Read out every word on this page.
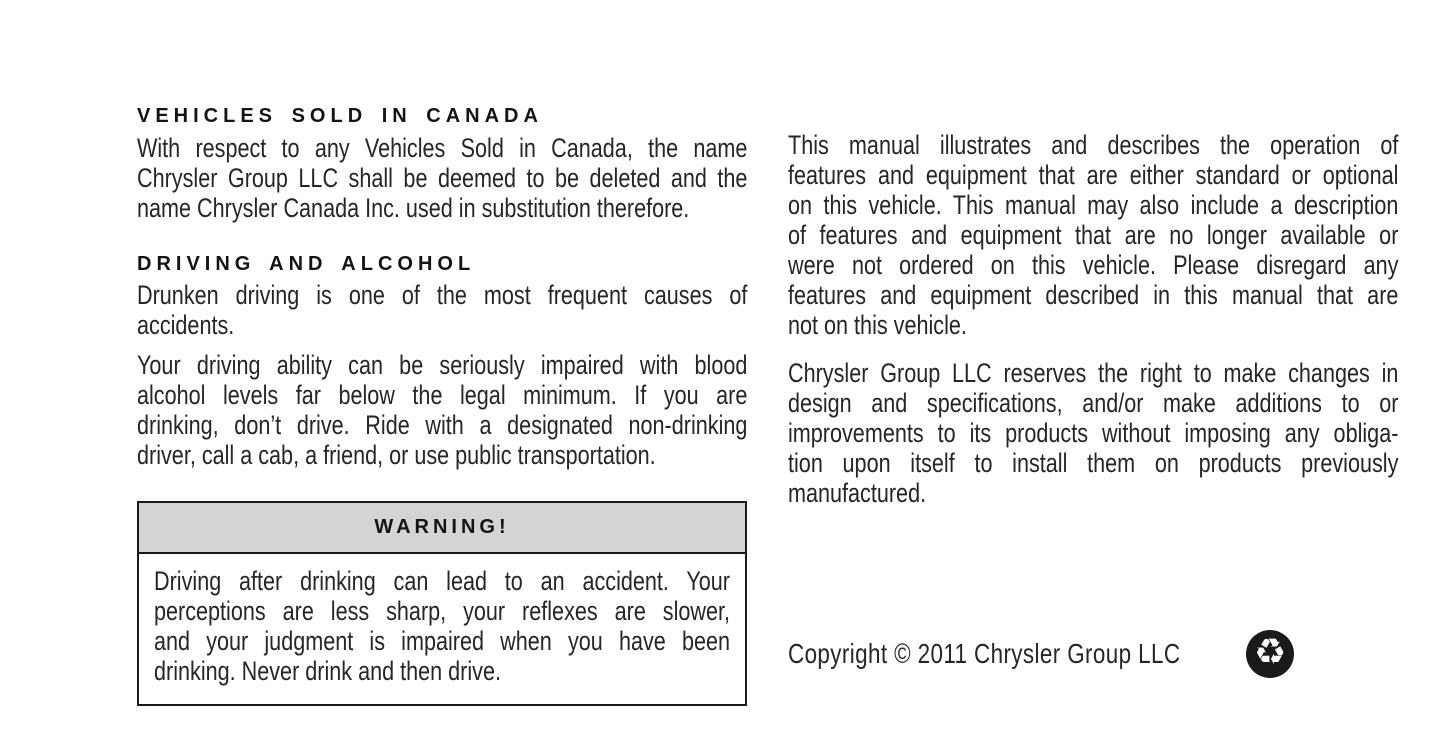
VEHICLES SOLD IN CANADA
With respect to any Vehicles Sold in Canada, the name
Chrysler Group LLC shall be deemed to be deleted and the
name Chrysler Canada Inc. used in substitution therefore.
DRIVING AND ALCOHOL
Drunken driving is one of the most frequent causes of
accidents.
Your driving ability can be seriously impaired with blood
alcohol levels far below the legal minimum. If you are
drinking, don’t drive. Ride with a designated non-drinking
driver, call a cab, a friend, or use public transportation.
WARNING!
Driving after drinking can lead to an accident. Your
perceptions are less sharp, your reflexes are slower,
and your judgment is impaired when you have been
drinking. Never drink and then drive.
This manual illustrates and describes the operation of
features and equipment that are either standard or optional
on this vehicle. This manual may also include a description
of features and equipment that are no longer available or
were not ordered on this vehicle. Please disregard any
features and equipment described in this manual that are
not on this vehicle.
Chrysler Group LLC reserves the right to make changes in
design and specifications, and/or make additions to or
improvements to its products without imposing any obliga-
tion upon itself to install them on products previously
manufactured.
Copyright © 2011 Chrysler Group LLC	♻
